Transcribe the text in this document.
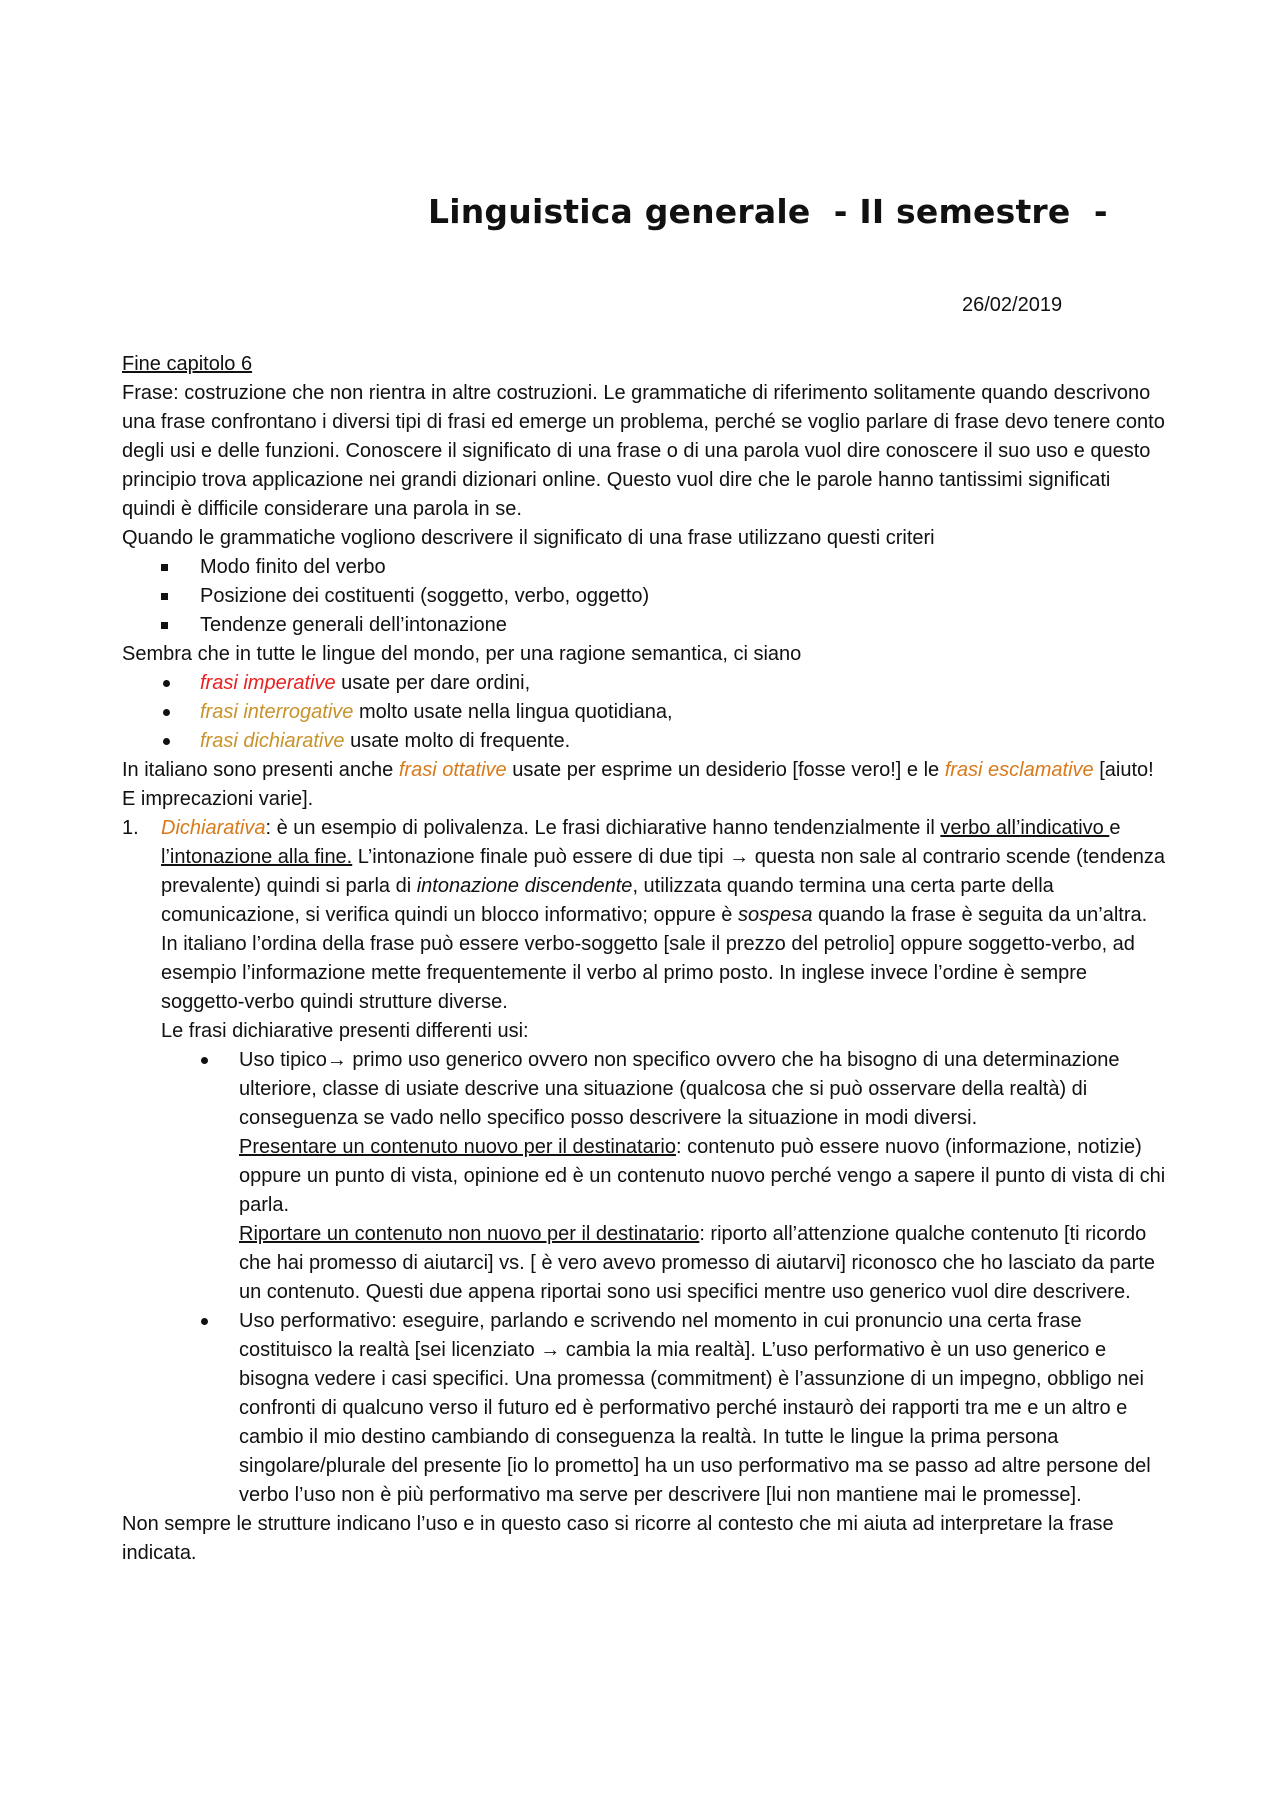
Linguistica generale  - II semestre  -

26/02/2019

Fine capitolo 6

Frase: costruzione che non rientra in altre costruzioni. Le grammatiche di riferimento solitamente quando descrivono una frase confrontano i diversi tipi di frasi ed emerge un problema, perché se voglio parlare di frase devo tenere conto degli usi e delle funzioni. Conoscere il significato di una frase o di una parola vuol dire conoscere il suo uso e questo principio trova applicazione nei grandi dizionari online. Questo vuol dire che le parole hanno tantissimi significati quindi è difficile considerare una parola in se.

Quando le grammatiche vogliono descrivere il significato di una frase utilizzano questi criteri

Modo finito del verbo
Posizione dei costituenti (soggetto, verbo, oggetto)
Tendenze generali dell’intonazione

Sembra che in tutte le lingue del mondo, per una ragione semantica, ci siano

frasi imperative usate per dare ordini,
frasi interrogative molto usate nella lingua quotidiana,
frasi dichiarative usate molto di frequente.

In italiano sono presenti anche frasi ottative usate per esprime un desiderio [fosse vero!] e le frasi esclamative [aiuto! E imprecazioni varie].

1. Dichiarativa: è un esempio di polivalenza. Le frasi dichiarative hanno tendenzialmente il verbo all’indicativo e l’intonazione alla fine. L’intonazione finale può essere di due tipi → questa non sale al contrario scende (tendenza prevalente) quindi si parla di intonazione discendente, utilizzata quando termina una certa parte della comunicazione, si verifica quindi un blocco informativo; oppure è sospesa quando la frase è seguita da un’altra.

In italiano l’ordina della frase può essere verbo-soggetto [sale il prezzo del petrolio] oppure soggetto-verbo, ad esempio l’informazione mette frequentemente il verbo al primo posto. In inglese invece l’ordine è sempre soggetto-verbo quindi strutture diverse.

Le frasi dichiarative presenti differenti usi:

Uso tipico→ primo uso generico ovvero non specifico ovvero che ha bisogno di una determinazione ulteriore, classe di usiate descrive una situazione (qualcosa che si può osservare della realtà) di conseguenza se vado nello specifico posso descrivere la situazione in modi diversi.

Presentare un contenuto nuovo per il destinatario: contenuto può essere nuovo (informazione, notizie) oppure un punto di vista, opinione ed è un contenuto nuovo perché vengo a sapere il punto di vista di chi parla.

Riportare un contenuto non nuovo per il destinatario: riporto all’attenzione qualche contenuto [ti ricordo che hai promesso di aiutarci] vs. [ è vero avevo promesso di aiutarvi] riconosco che ho lasciato da parte un contenuto. Questi due appena riportai sono usi specifici mentre uso generico vuol dire descrivere.

Uso performativo: eseguire, parlando e scrivendo nel momento in cui pronuncio una certa frase costituisco la realtà [sei licenziato → cambia la mia realtà]. L’uso performativo è un uso generico e bisogna vedere i casi specifici. Una promessa (commitment) è l’assunzione di un impegno, obbligo nei confronti di qualcuno verso il futuro ed è performativo perché instaurò dei rapporti tra me e un altro e cambio il mio destino cambiando di conseguenza la realtà. In tutte le lingue la prima persona singolare/plurale del presente [io lo prometto] ha un uso performativo ma se passo ad altre persone del verbo l’uso non è più performativo ma serve per descrivere [lui non mantiene mai le promesse].

Non sempre le strutture indicano l’uso e in questo caso si ricorre al contesto che mi aiuta ad interpretare la frase indicata.
